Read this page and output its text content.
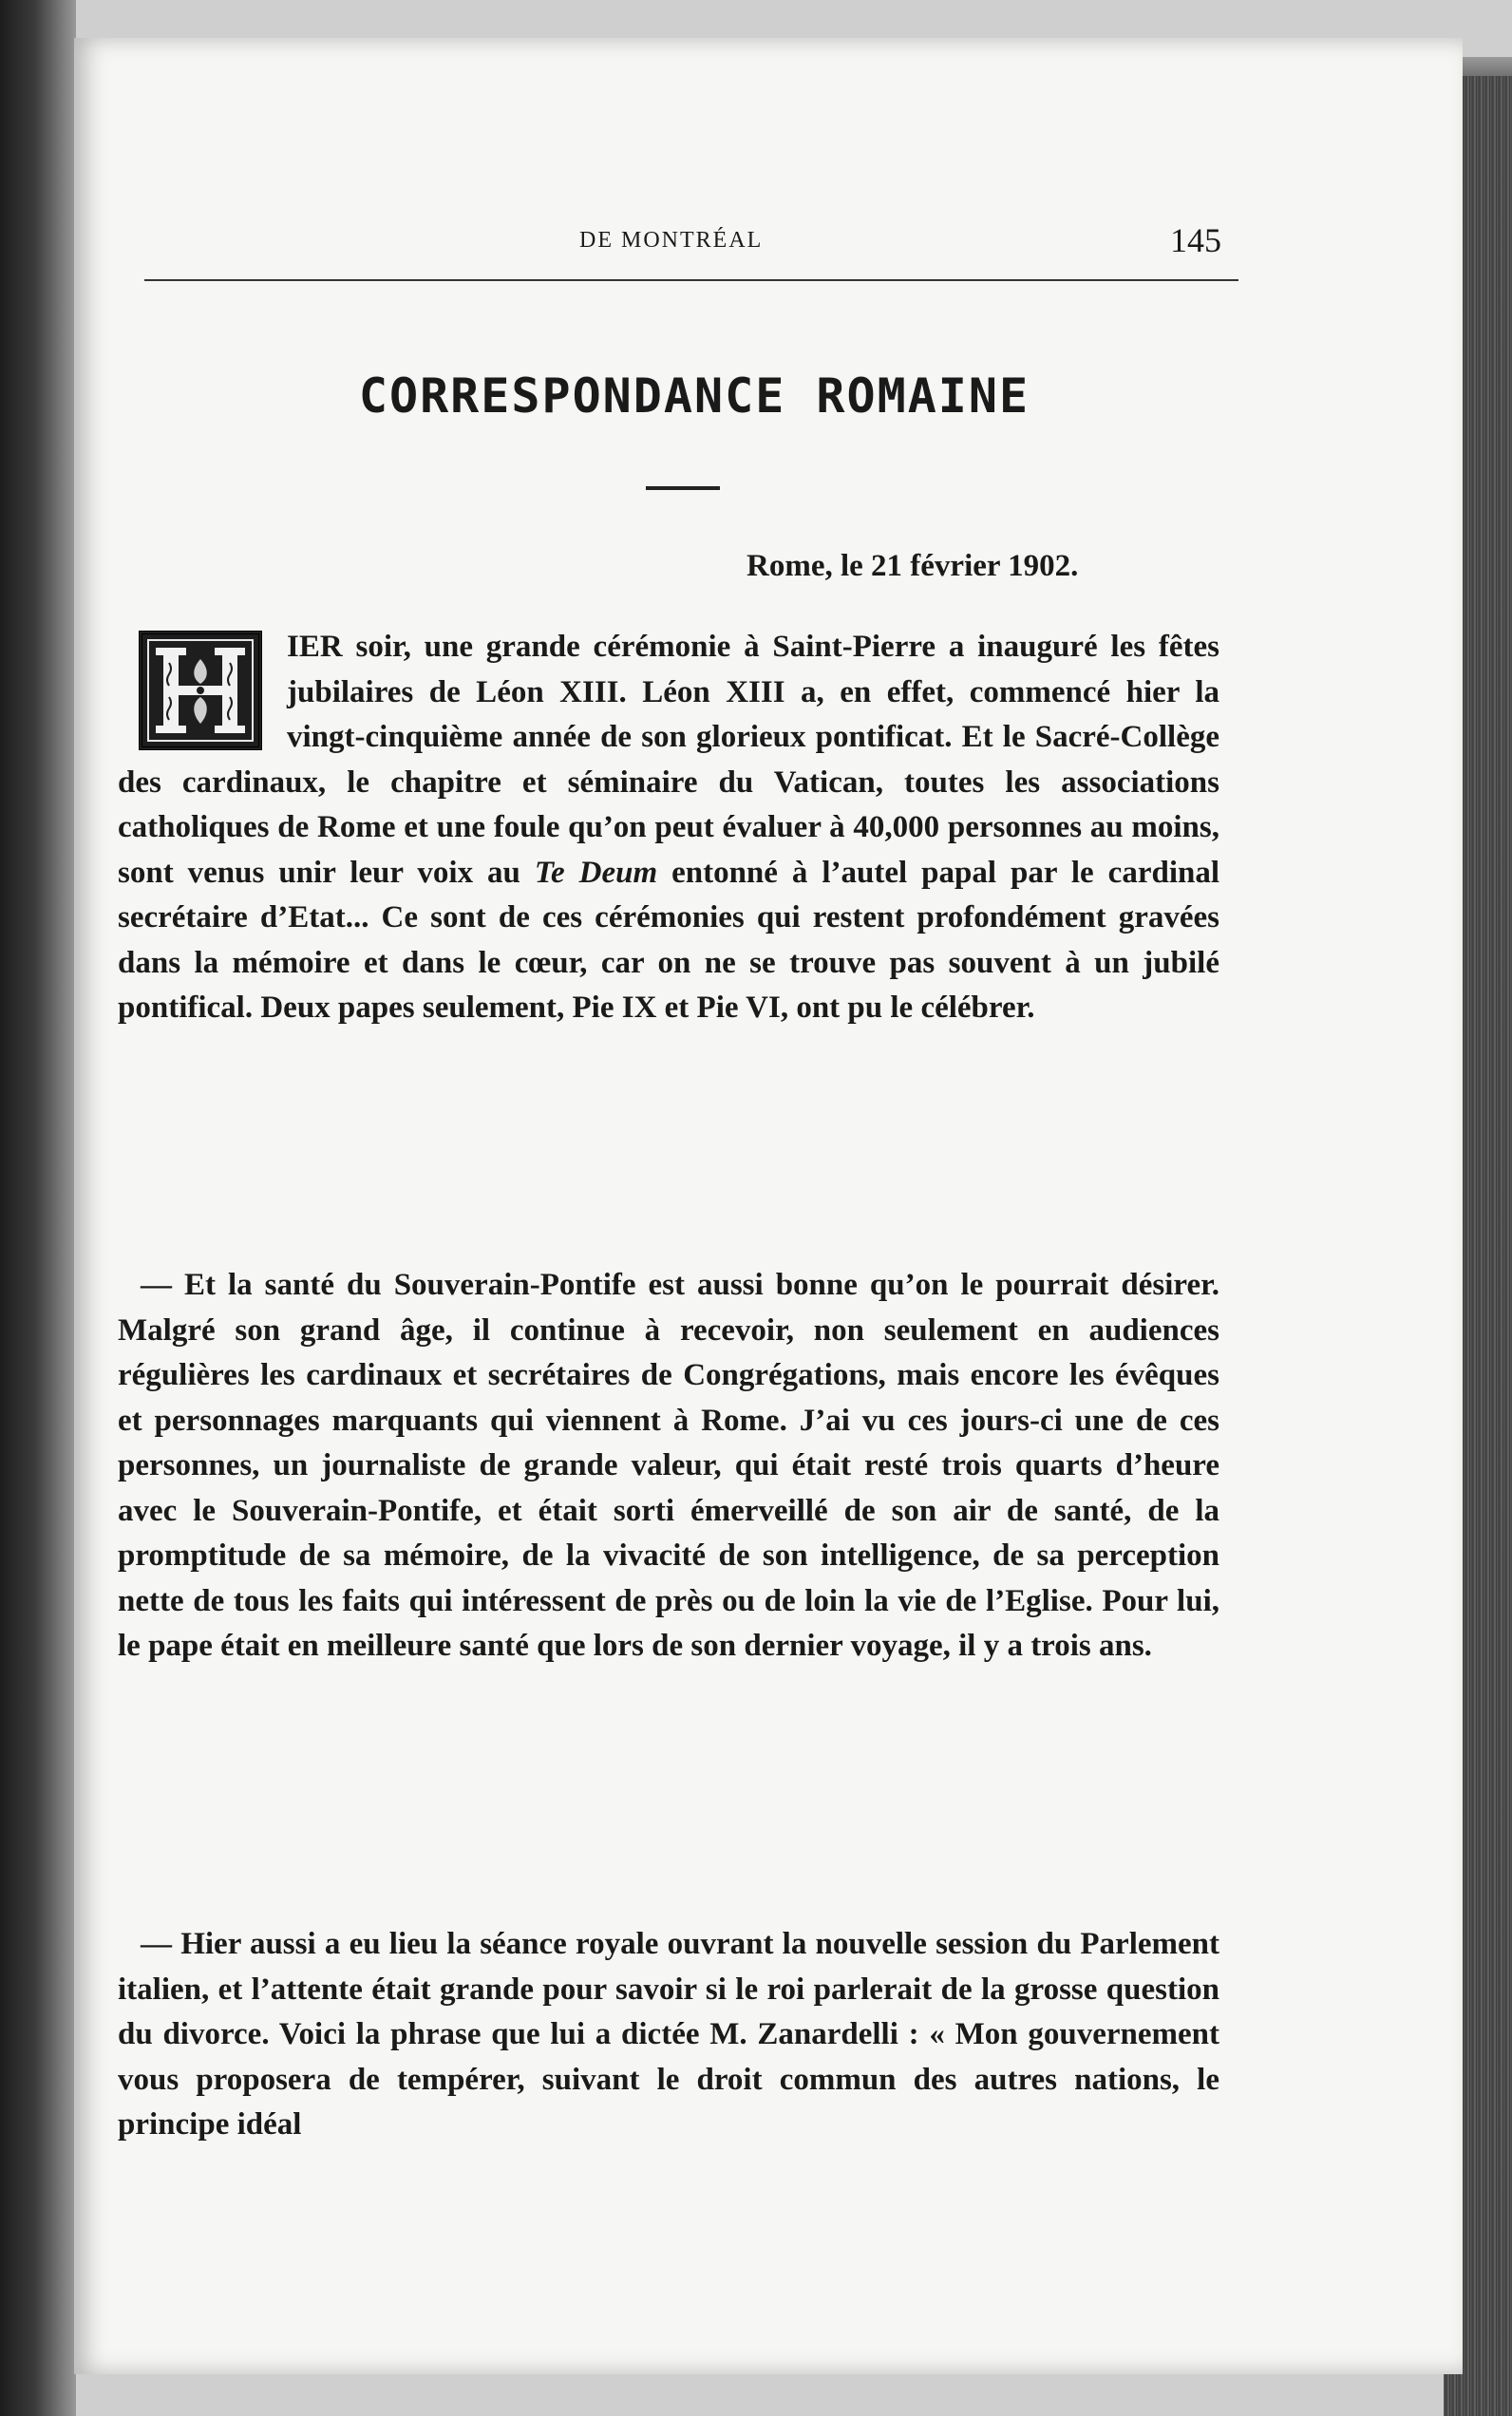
DE MONTRÉAL	145
CORRESPONDANCE ROMAINE
Rome, le 21 février 1902.

IER soir, une grande cérémonie à Saint-Pierre a inauguré les fêtes jubilaires de Léon XIII. Léon XIII a, en effet, commencé hier la vingt-cinquième année de son glorieux pontificat. Et le Sacré-Collège des cardinaux, le chapitre et séminaire du Vatican, toutes les associations catholiques de Rome et une foule qu’on peut évaluer à 40,000 personnes au moins, sont venus unir leur voix au Te Deum entonné à l’autel papal par le cardinal secrétaire d’Etat... Ce sont de ces cérémonies qui restent profondément gravées dans la mémoire et dans le cœur, car on ne se trouve pas souvent à un jubilé pontifical. Deux papes seulement, Pie IX et Pie VI, ont pu le célébrer.

— Et la santé du Souverain-Pontife est aussi bonne qu’on le pourrait désirer. Malgré son grand âge, il continue à recevoir, non seulement en audiences régulières les cardinaux et secrétaires de Congrégations, mais encore les évêques et personnages marquants qui viennent à Rome. J’ai vu ces jours-ci une de ces personnes, un journaliste de grande valeur, qui était resté trois quarts d’heure avec le Souverain-Pontife, et était sorti émerveillé de son air de santé, de la promptitude de sa mémoire, de la vivacité de son intelligence, de sa perception nette de tous les faits qui intéressent de près ou de loin la vie de l’Eglise. Pour lui, le pape était en meilleure santé que lors de son dernier voyage, il y a trois ans.

— Hier aussi a eu lieu la séance royale ouvrant la nouvelle session du Parlement italien, et l’attente était grande pour savoir si le roi parlerait de la grosse question du divorce. Voici la phrase que lui a dictée M. Zanardelli : « Mon gouvernement vous proposera de tempérer, suivant le droit commun des autres nations, le principe idéal
